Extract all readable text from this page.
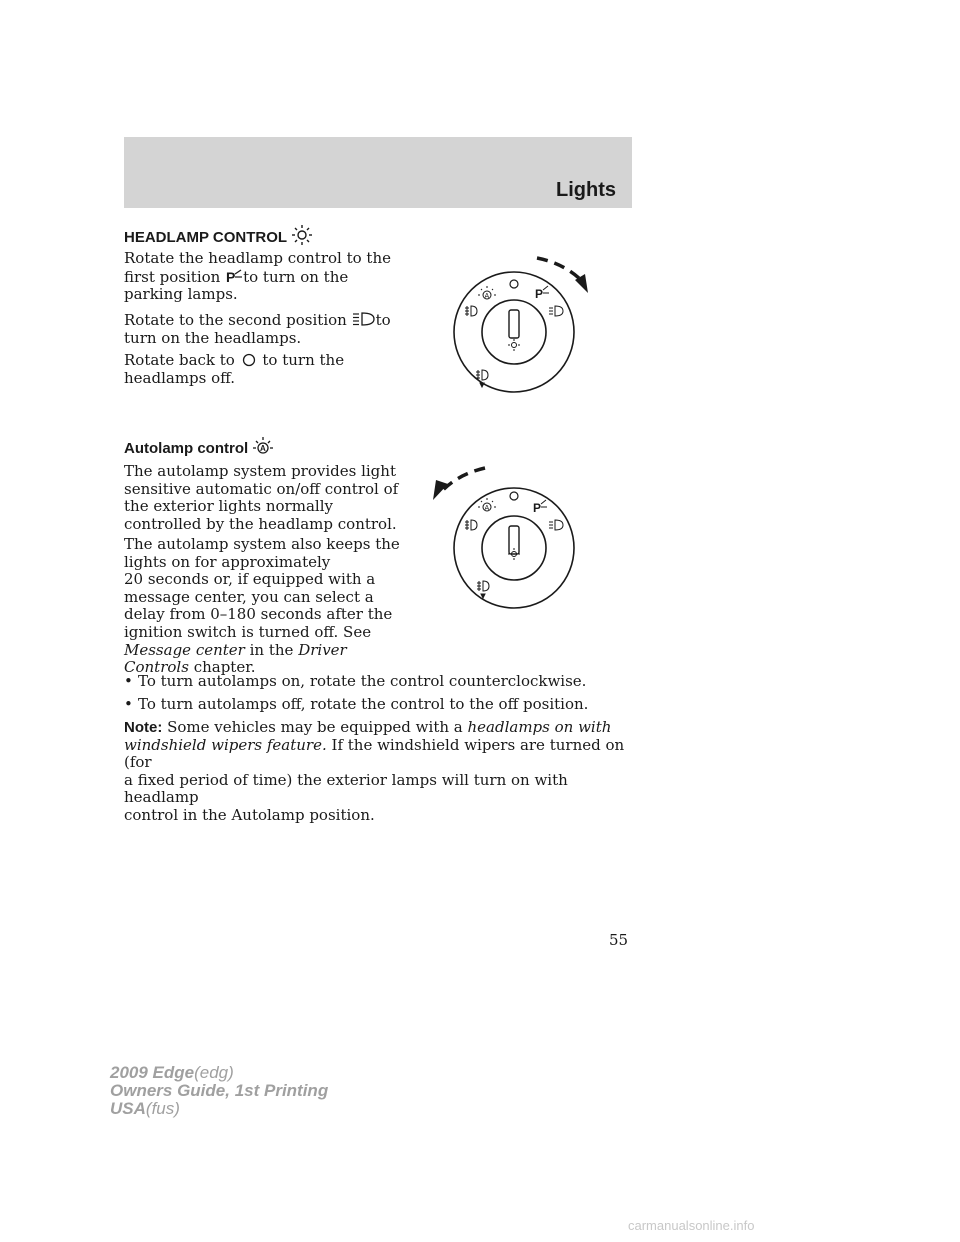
Lights
HEADLAMP CONTROL
Rotate the headlamp control to the
first position P to turn on the
parking lamps.
Rotate to the second position to
turn on the headlamps.
Rotate back to to turn the
headlamps off.
A	P
Autolamp control A
The autolamp system provides light
sensitive automatic on/off control of
the exterior lights normally
controlled by the headlamp control.
The autolamp system also keeps the
lights on for approximately
20 seconds or, if equipped with a
message center, you can select a
delay from 0–180 seconds after the
ignition switch is turned off. See
Message center in the Driver
Controls chapter.
A	P
• To turn autolamps on, rotate the control counterclockwise.
• To turn autolamps off, rotate the control to the off position.
Note: Some vehicles may be equipped with a headlamps on with
windshield wipers feature. If the windshield wipers are turned on (for
a fixed period of time) the exterior lamps will turn on with headlamp
control in the Autolamp position.
55
2009 Edge(edg)
Owners Guide, 1st Printing
USA(fus)
carmanualsonline.info
